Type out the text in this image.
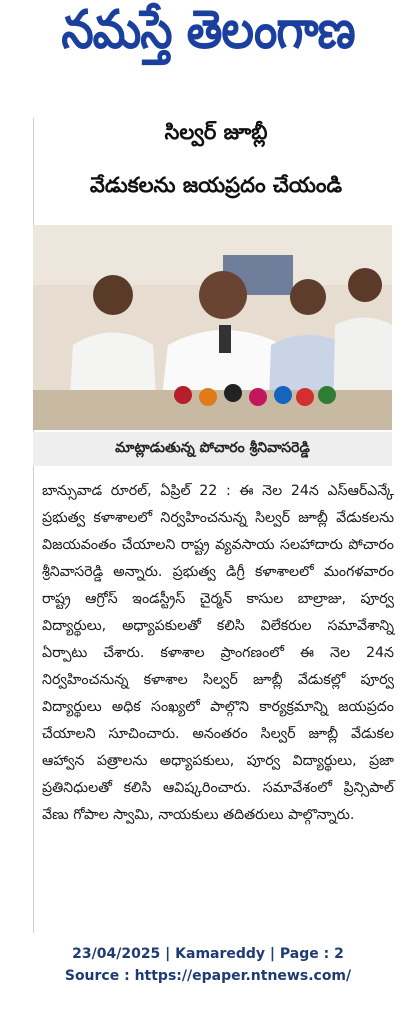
నమస్తే తెలంగాణ
సిల్వర్ జూబ్లీ
వేడుకలను జయప్రదం చేయండి
మాట్లాడుతున్న పోచారం శ్రీనివాసరెడ్డి

బాన్సువాడ రూరల్, ఏప్రిల్ 22 : ఈ నెల 24న ఎస్ఆర్ఎన్కే ప్రభుత్వ కళాశాలలో నిర్వహించనున్న సిల్వర్ జూబ్లీ వేడుకలను విజయవంతం చేయాలని రాష్ట్ర వ్యవసాయ సలహాదారు పోచారం శ్రీనివాసరెడ్డి అన్నారు. ప్రభుత్వ డిగ్రీ కళాశాలలో మంగళవారం రాష్ట్ర ఆగ్రోస్ ఇండస్ట్రీస్ చైర్మన్ కాసుల బాల్రాజు, పూర్వ విద్యార్థులు, అధ్యాపకులతో కలిసి విలేకరుల సమావేశాన్ని ఏర్పాటు చేశారు. కళాశాల ప్రాంగణంలో ఈ నెల 24న నిర్వహించనున్న కళాశాల సిల్వర్ జూబ్లీ వేడుకల్లో పూర్వ విద్యార్థులు అధిక సంఖ్యలో పాల్గొని కార్యక్రమాన్ని జయప్రదం చేయాలని సూచించారు. అనంతరం సిల్వర్ జూబ్లీ వేడుకల ఆహ్వాన పత్రాలను అధ్యాపకులు, పూర్వ విద్యార్థులు, ప్రజా ప్రతినిధులతో కలిసి ఆవిష్కరించారు. సమావేశంలో ప్రిన్సిపాల్ వేణు గోపాల స్వామి, నాయకులు తదితరులు పాల్గొన్నారు.

23/04/2025 | Kamareddy | Page : 2
Source : https://epaper.ntnews.com/
